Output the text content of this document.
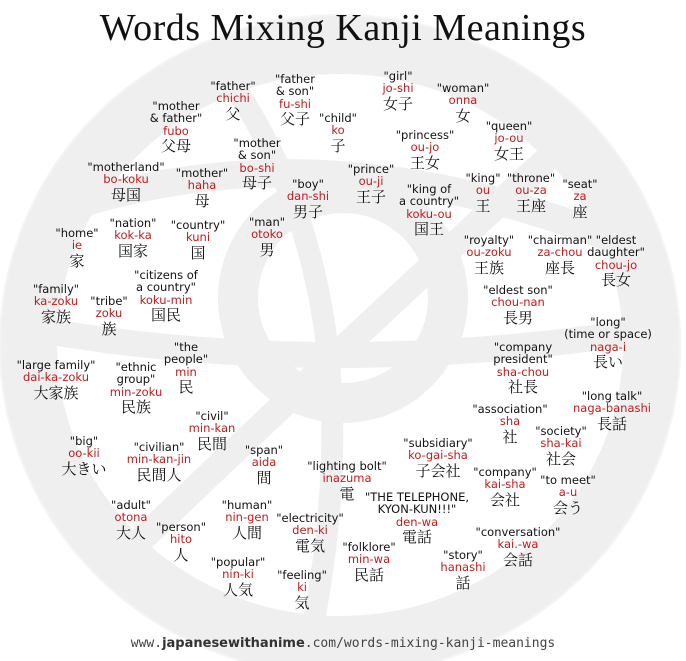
Words Mixing Kanji Meanings
"father"
chichi
父
"father
& son"
fu-shi
父子
"mother
& father"
fubo
父母
"child"
ko
子
"girl"
jo-shi
女子
"woman"
onna
女
"queen"
jo-ou
女王
"princess"
ou-jo
王女
"mother
& son"
bo-shi
母子
"motherland"
bo-koku
母国
"mother"
haha
母
"prince"
ou-ji
王子
"boy"
dan-shi
男子
"king of
a country"
koku-ou
国王
"king"
ou
王
"throne"
ou-za
王座
"seat"
za
座
"home"
ie
家
"nation"
kok-ka
国家
"country"
kuni
国
"man"
otoko
男
"royalty"
ou-zoku
王族
"chairman"
za-chou
座長
"eldest
daughter"
chou-jo
長女
"family"
ka-zoku
家族
"tribe"
zoku
族
"citizens of
a country"
koku-min
国民
"eldest son"
chou-nan
長男
"the
people"
min
民
"long"
(time or space)
naga-i
長い
"large family"
dai-ka-zoku
大家族
"ethnic
group"
min-zoku
民族
"company
president"
sha-chou
社長	"long talk"
naga-banashi
長話
"civil"
min-kan
民間
"association"
sha
社	"society"
sha-kai
社会
"big"
oo-kii
大きい
"civilian"
min-kan-jin
民間人
"span"
aida
間
"subsidiary"
ko-gai-sha
子会社
"lighting bolt"
inazuma
電
"company"
kai-sha
会社
"to meet"
a-u
会う
"adult"
otona
大人
"human"
nin-gen
人間
"THE TELEPHONE,
KYON-KUN!!!"
den-wa
電話
"person"
hito
人
"electricity"
den-ki
電気
"conversation"
kai.-wa
会話
"folklore"
min-wa
民話
"story"
hanashi
話
"popular"
nin-ki
人気
"feeling"
ki
気
www.japanesewithanime.com/words-mixing-kanji-meanings
